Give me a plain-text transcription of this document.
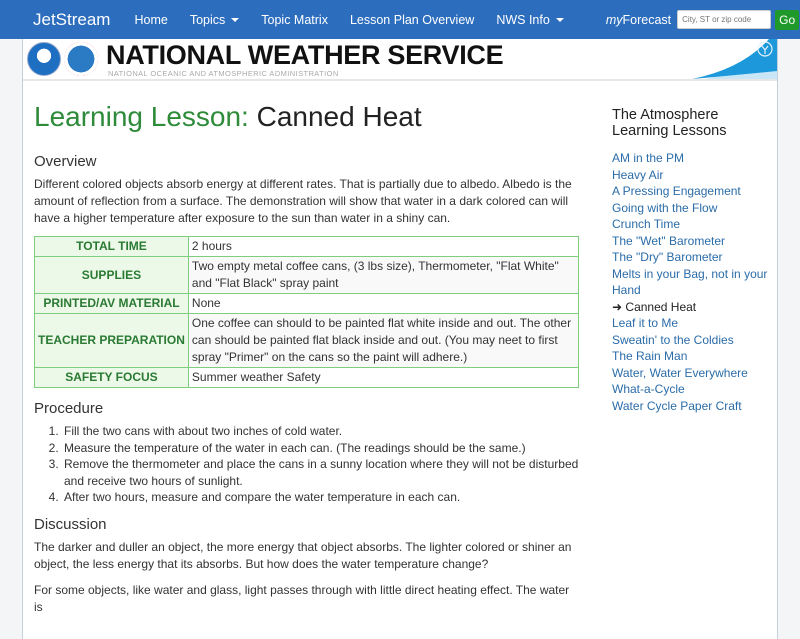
JetStream Home Topics	Topic Matrix Lesson Plan Overview NWS Info	myForecast
City, ST or zip code	Go
NATIONAL WEATHER SERVICE
NATIONAL OCEANIC AND ATMOSPHERIC ADMINISTRATION
Learning Lesson: Canned Heat
Overview

Different colored objects absorb energy at different rates. That is partially due to albedo. Albedo is the amount of reflection from a surface. The demonstration will show that water in a dark colored can will have a higher temperature after exposure to the sun than water in a shiny can.

TOTAL TIME	2 hours
SUPPLIES	Two empty metal coffee cans, (3 lbs size), Thermometer, "Flat White" and "Flat Black" spray paint
PRINTED/AV MATERIAL	None
TEACHER PREPARATION	One coffee can should to be painted flat white inside and out. The other can should be painted flat black inside and out. (You may neet to first spray "Primer" on the cans so the paint will adhere.)
SAFETY FOCUS	Summer weather Safety
Procedure
1. Fill the two cans with about two inches of cold water.
2. Measure the temperature of the water in each can. (The readings should be the same.)
3. Remove the thermometer and place the cans in a sunny location where they will not be disturbed and receive two hours of sunlight.
4. After two hours, measure and compare the water temperature in each can.
Discussion

The darker and duller an object, the more energy that object absorbs. The lighter colored or shiner an object, the less energy that its absorbs. But how does the water temperature change?

For some objects, like water and glass, light passes through with little direct heating effect. The water is

The Atmosphere Learning Lessons
AM in the PM
Heavy Air
A Pressing Engagement
Going with the Flow
Crunch Time
The "Wet" Barometer
The "Dry" Barometer
Melts in your Bag, not in your Hand
➜ Canned Heat
Leaf it to Me
Sweatin' to the Coldies
The Rain Man
Water, Water Everywhere
What-a-Cycle
Water Cycle Paper Craft
